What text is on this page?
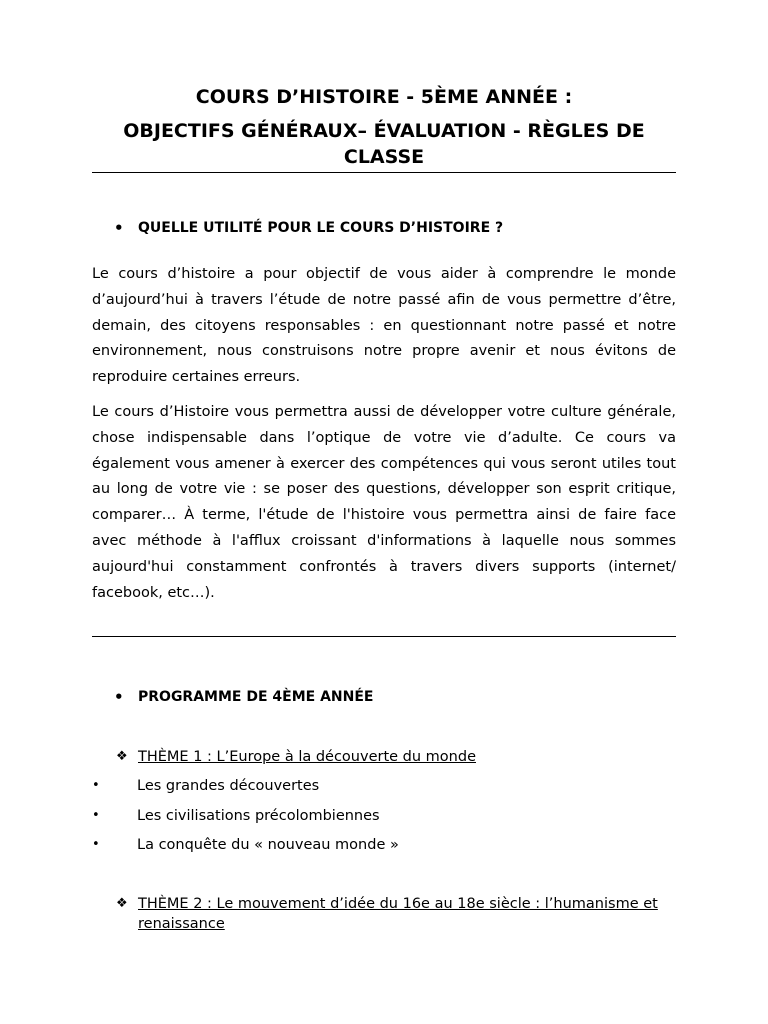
COURS D’HISTOIRE - 5ÈME ANNÉE :
OBJECTIFS GÉNÉRAUX– ÉVALUATION - RÈGLES DE CLASSE
• QUELLE UTILITÉ POUR LE COURS D’HISTOIRE ?

Le cours d’histoire a pour objectif de vous aider à comprendre le monde d’aujourd’hui à travers l’étude de notre passé afin de vous permettre d’être, demain, des citoyens responsables : en questionnant notre passé et notre environnement, nous construisons notre propre avenir et nous évitons de reproduire certaines erreurs.

Le cours d’Histoire vous permettra aussi de développer votre culture générale, chose indispensable dans l’optique de votre vie d’adulte. Ce cours va également vous amener à exercer des compétences qui vous seront utiles tout au long de votre vie : se poser des questions, développer son esprit critique, comparer… À terme, l'étude de l'histoire vous permettra ainsi de faire face avec méthode à l'afflux croissant d'informations à laquelle nous sommes aujourd'hui constamment confrontés à travers divers supports (internet/ facebook, etc…).

• PROGRAMME DE 4ÈME ANNÉE
❖ THÈME 1 : L’Europe à la découverte du monde
•	Les grandes découvertes
•	Les civilisations précolombiennes
•	La conquête du « nouveau monde »
❖ THÈME 2 : Le mouvement d’idée du 16e au 18e siècle : l’humanisme et renaissance
